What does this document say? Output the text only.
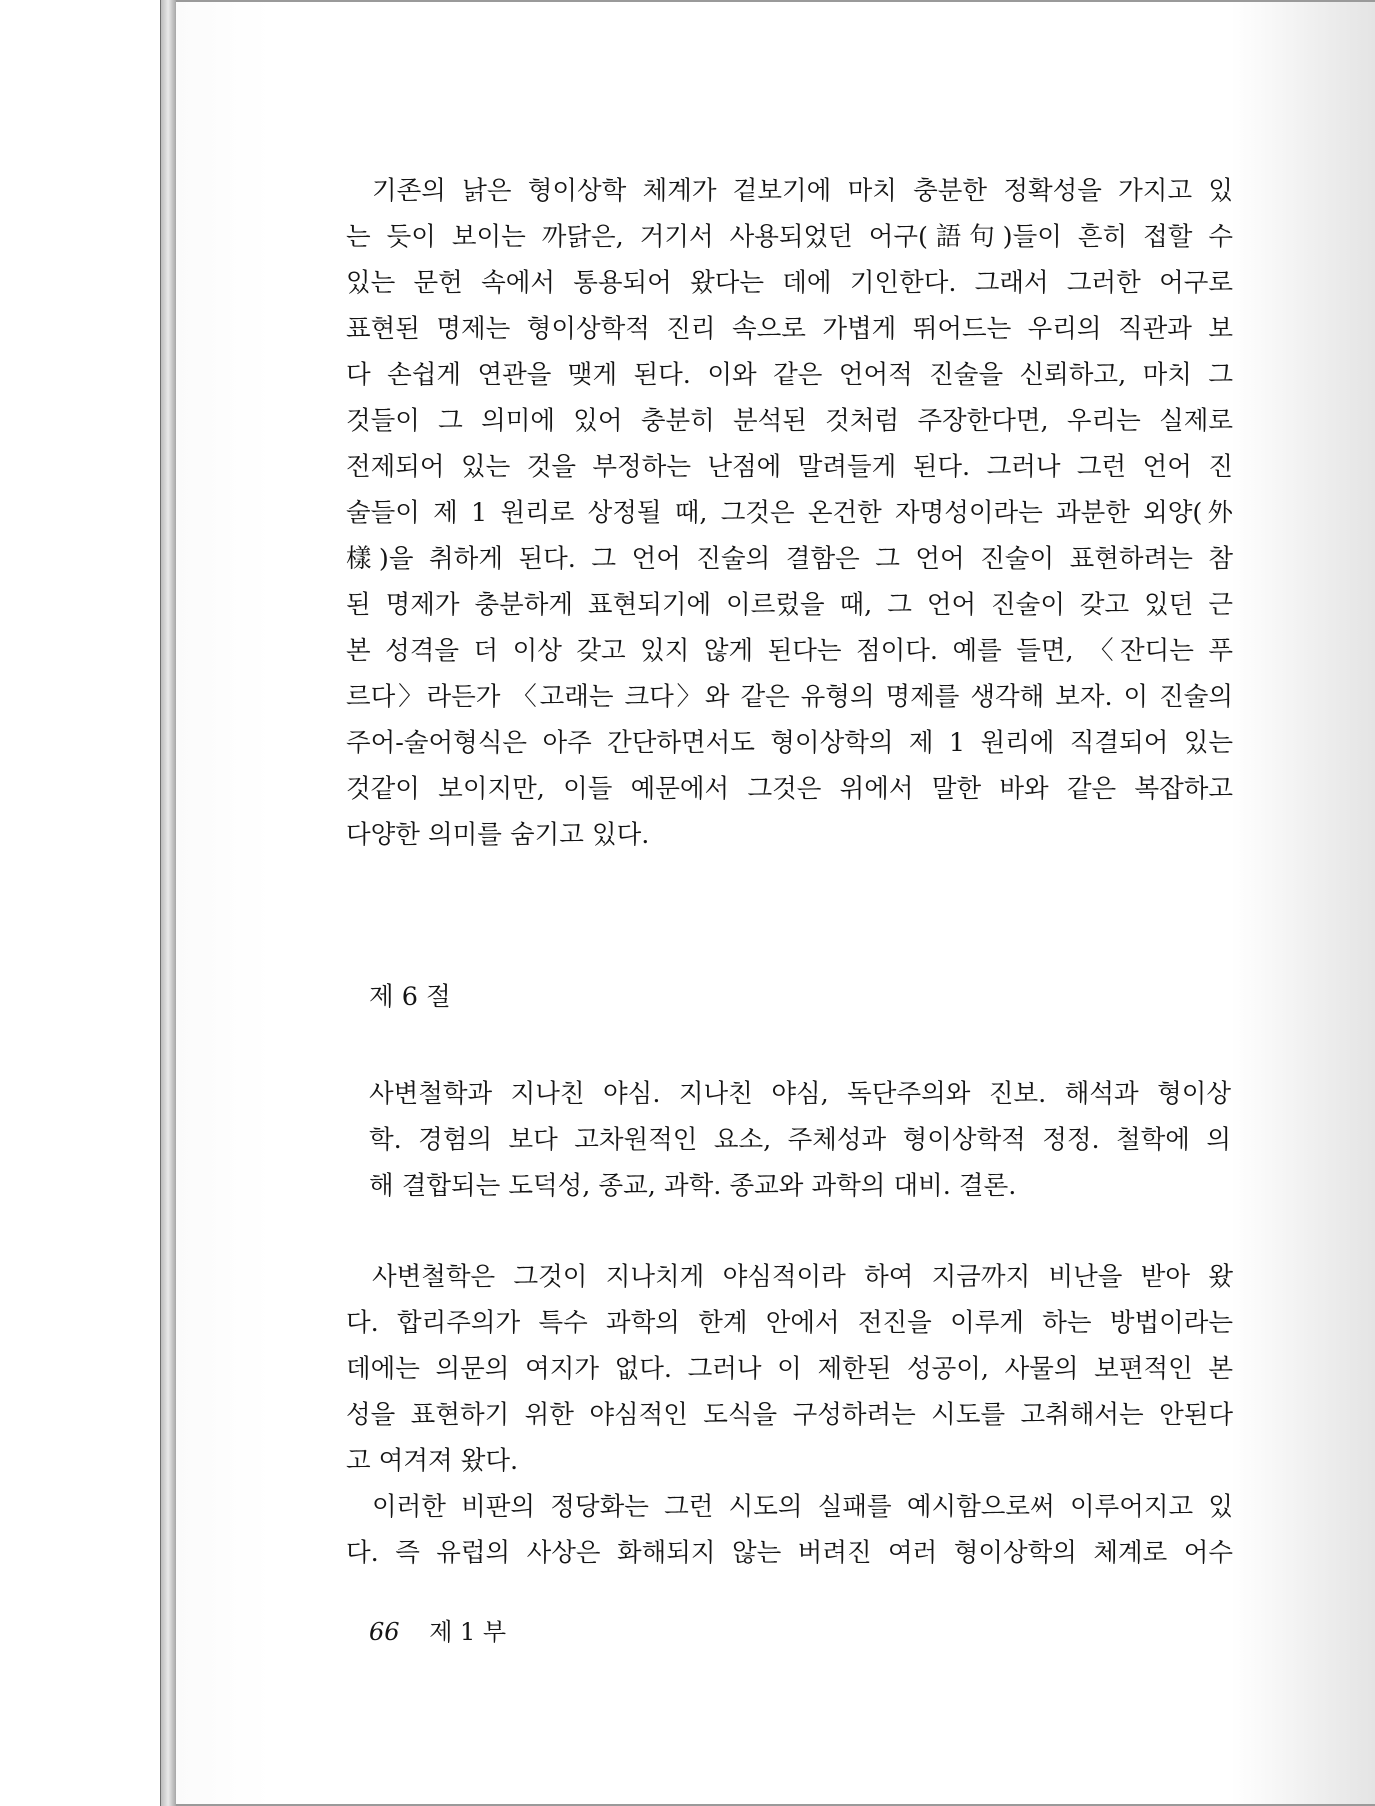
기존의 낡은 형이상학 체계가 겉보기에 마치 충분한 정확성을 가지고 있
는 듯이 보이는 까닭은, 거기서 사용되었던 어구(語句)들이 흔히 접할 수
있는 문헌 속에서 통용되어 왔다는 데에 기인한다. 그래서 그러한 어구로
표현된 명제는 형이상학적 진리 속으로 가볍게 뛰어드는 우리의 직관과 보
다 손쉽게 연관을 맺게 된다. 이와 같은 언어적 진술을 신뢰하고, 마치 그
것들이 그 의미에 있어 충분히 분석된 것처럼 주장한다면, 우리는 실제로
전제되어 있는 것을 부정하는 난점에 말려들게 된다. 그러나 그런 언어 진
술들이 제 1 원리로 상정될 때, 그것은 온건한 자명성이라는 과분한 외양(外
樣)을 취하게 된다. 그 언어 진술의 결함은 그 언어 진술이 표현하려는 참
된 명제가 충분하게 표현되기에 이르렀을 때, 그 언어 진술이 갖고 있던 근
본 성격을 더 이상 갖고 있지 않게 된다는 점이다. 예를 들면, 〈잔디는 푸
르다〉라든가 〈고래는 크다〉와 같은 유형의 명제를 생각해 보자. 이 진술의
주어-술어형식은 아주 간단하면서도 형이상학의 제 1 원리에 직결되어 있는
것같이 보이지만, 이들 예문에서 그것은 위에서 말한 바와 같은 복잡하고
다양한 의미를 숨기고 있다.
제 6 절
사변철학과 지나친 야심. 지나친 야심, 독단주의와 진보. 해석과 형이상
학. 경험의 보다 고차원적인 요소, 주체성과 형이상학적 정정. 철학에 의
해 결합되는 도덕성, 종교, 과학. 종교와 과학의 대비. 결론.
사변철학은 그것이 지나치게 야심적이라 하여 지금까지 비난을 받아 왔
다. 합리주의가 특수 과학의 한계 안에서 전진을 이루게 하는 방법이라는
데에는 의문의 여지가 없다. 그러나 이 제한된 성공이, 사물의 보편적인 본
성을 표현하기 위한 야심적인 도식을 구성하려는 시도를 고취해서는 안된다
고 여겨져 왔다.
이러한 비판의 정당화는 그런 시도의 실패를 예시함으로써 이루어지고 있
다. 즉 유럽의 사상은 화해되지 않는 버려진 여러 형이상학의 체계로 어수
66 제 1 부
